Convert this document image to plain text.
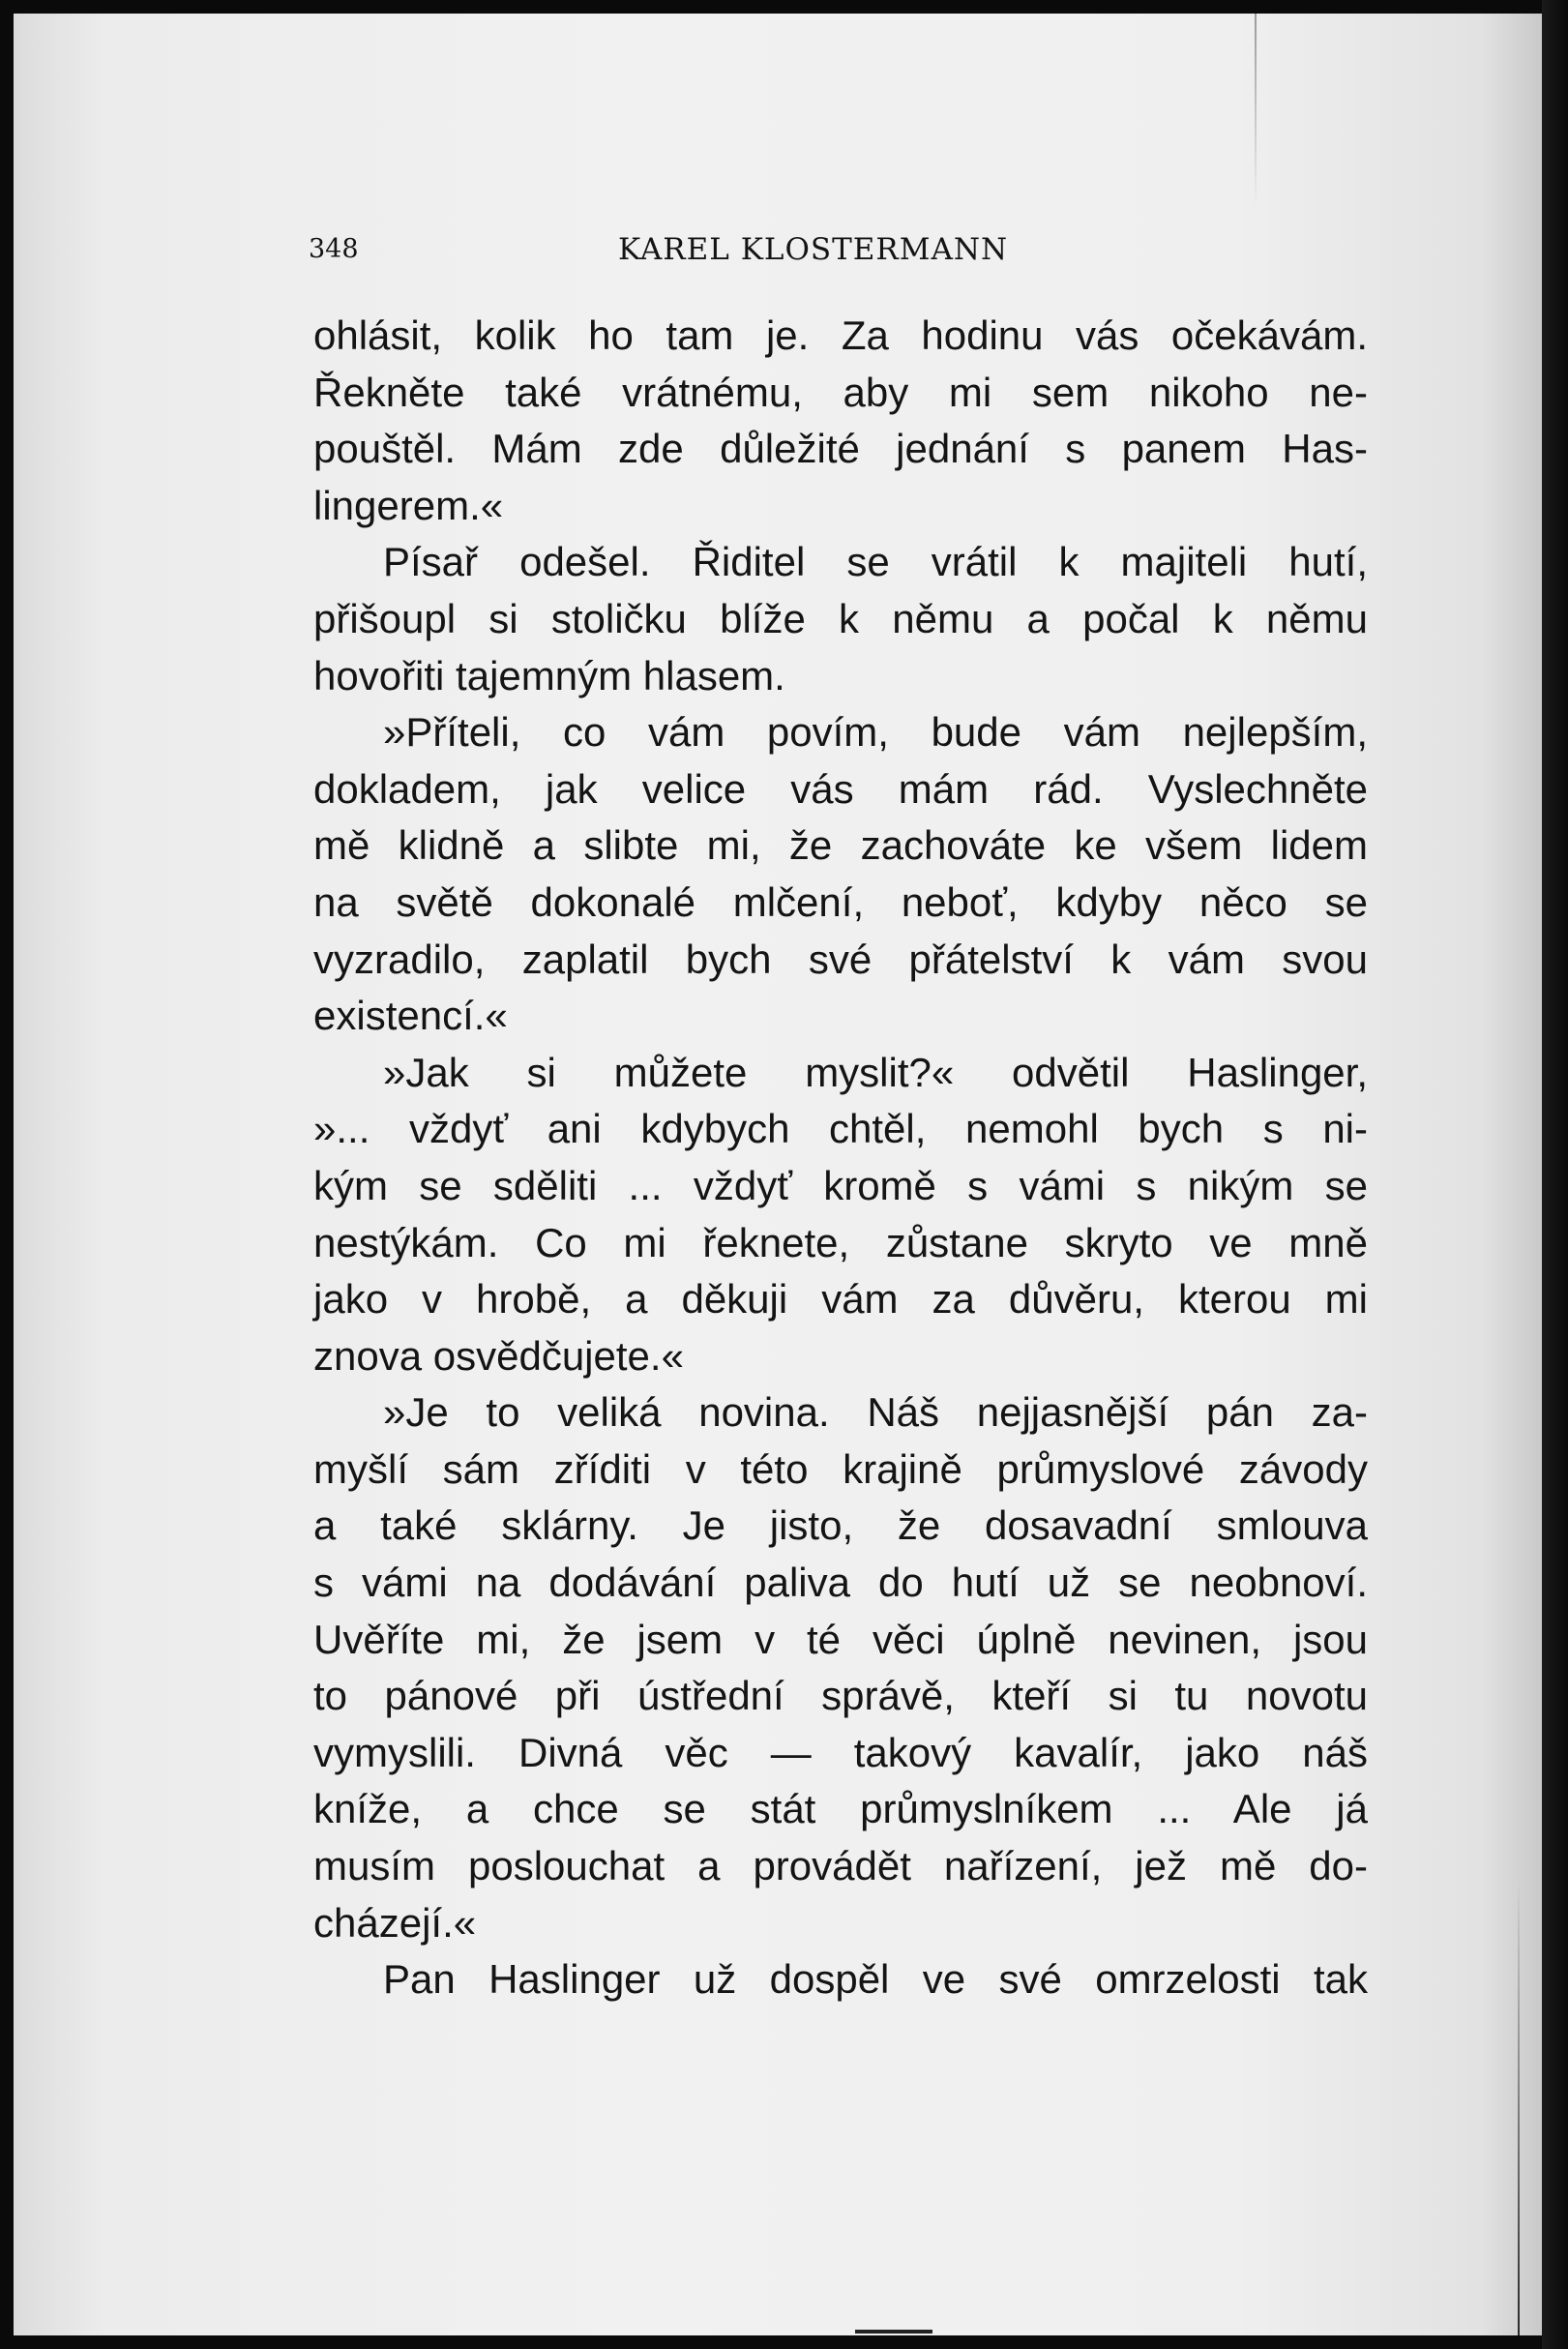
348	KAREL KLOSTERMANN

ohlásit, kolik ho tam je. Za hodinu vás očekávám.
Řekněte také vrátnému, aby mi sem nikoho ne-
pouštěl. Mám zde důležité jednání s panem Has-
lingerem.«

Písař odešel. Řiditel se vrátil k majiteli hutí,
přišoupl si stoličku blíže k němu a počal k němu
hovořiti tajemným hlasem.

»Příteli, co vám povím, bude vám nejlepším,
dokladem, jak velice vás mám rád. Vyslechněte
mě klidně a slibte mi, že zachováte ke všem lidem
na světě dokonalé mlčení, neboť, kdyby něco se
vyzradilo, zaplatil bych své přátelství k vám svou
existencí.«

»Jak si můžete myslit?« odvětil Haslinger,
»... vždyť ani kdybych chtěl, nemohl bych s ni-
kým se sděliti ... vždyť kromě s vámi s nikým se
nestýkám. Co mi řeknete, zůstane skryto ve mně
jako v hrobě, a děkuji vám za důvěru, kterou mi
znova osvědčujete.«

»Je to veliká novina. Náš nejjasnější pán za-
myšlí sám zříditi v této krajině průmyslové závody
a také sklárny. Je jisto, že dosavadní smlouva
s vámi na dodávání paliva do hutí už se neobnoví.
Uvěříte mi, že jsem v té věci úplně nevinen, jsou
to pánové při ústřední správě, kteří si tu novotu
vymyslili. Divná věc — takový kavalír, jako náš
kníže, a chce se stát průmyslníkem ... Ale já
musím poslouchat a provádět nařízení, jež mě do-
cházejí.«

Pan Haslinger už dospěl ve své omrzelosti tak
